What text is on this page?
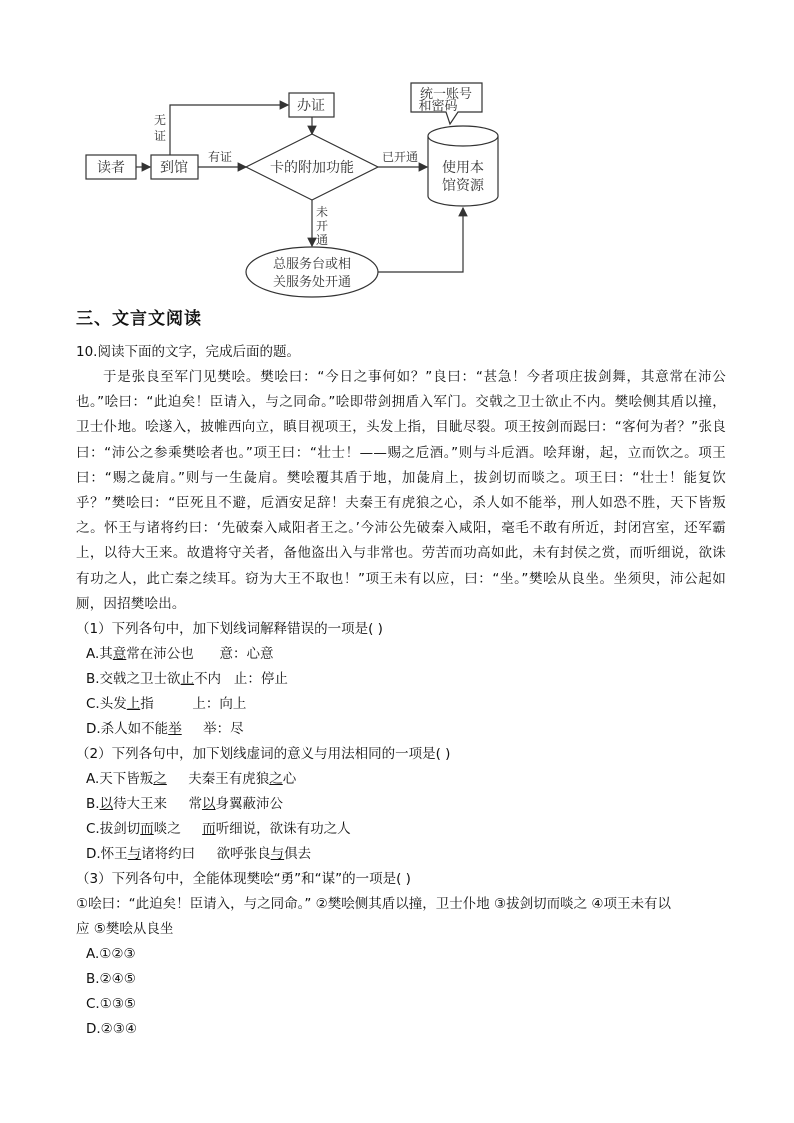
读者	到馆
无
证
有证
办证
卡的附加功能
已开通
未
开
通
统一账号
和密码
使用本
馆资源
总服务台或相
关服务处开通
三、文言文阅读
10.阅读下面的文字，完成后面的题。
于是张良至军门见樊哙。樊哙曰：“今日之事何如？”良曰：“甚急！今者项庄拔剑舞，其意常在沛公也。”哙曰：“此迫矣！臣请入，与之同命。”哙即带剑拥盾入军门。交戟之卫士欲止不内。樊哙侧其盾以撞，卫士仆地。哙遂入，披帷西向立，瞋目视项王，头发上指，目眦尽裂。项王按剑而跽曰：“客何为者？”张良曰：“沛公之参乘樊哙者也。”项王曰：“壮士！——赐之卮酒。”则与斗卮酒。哙拜谢，起，立而饮之。项王曰：“赐之彘肩。”则与一生彘肩。樊哙覆其盾于地，加彘肩上，拔剑切而啖之。项王曰：“壮士！能复饮乎？”樊哙曰：“臣死且不避，卮酒安足辞！夫秦王有虎狼之心，杀人如不能举，刑人如恐不胜，天下皆叛之。怀王与诸将约曰：‘先破秦入咸阳者王之。’今沛公先破秦入咸阳，毫毛不敢有所近，封闭宫室，还军霸上，以待大王来。故遣将守关者，备他盗出入与非常也。劳苦而功高如此，未有封侯之赏，而听细说，欲诛有功之人，此亡秦之续耳。窃为大王不取也！”项王未有以应，曰：“坐。”樊哙从良坐。坐须臾，沛公起如厕，因招樊哙出。
（1）下列各句中，加下划线词解释错误的一项是( )
A.其意常在沛公也      意：心意
B.交戟之卫士欲止不内   止：停止
C.头发上指         上：向上
D.杀人如不能举     举：尽
（2）下列各句中，加下划线虚词的意义与用法相同的一项是( )
A.天下皆叛之     夫秦王有虎狼之心
B.以待大王来     常以身翼蔽沛公
C.拔剑切而啖之     而听细说，欲诛有功之人
D.怀王与诸将约曰     欲呼张良与俱去
（3）下列各句中，全能体现樊哙“勇”和“谋”的一项是( )
①哙曰：“此迫矣！臣请入，与之同命。” ②樊哙侧其盾以撞，卫士仆地 ③拔剑切而啖之 ④项王未有以
应 ⑤樊哙从良坐
A.①②③
B.②④⑤
C.①③⑤
D.②③④
